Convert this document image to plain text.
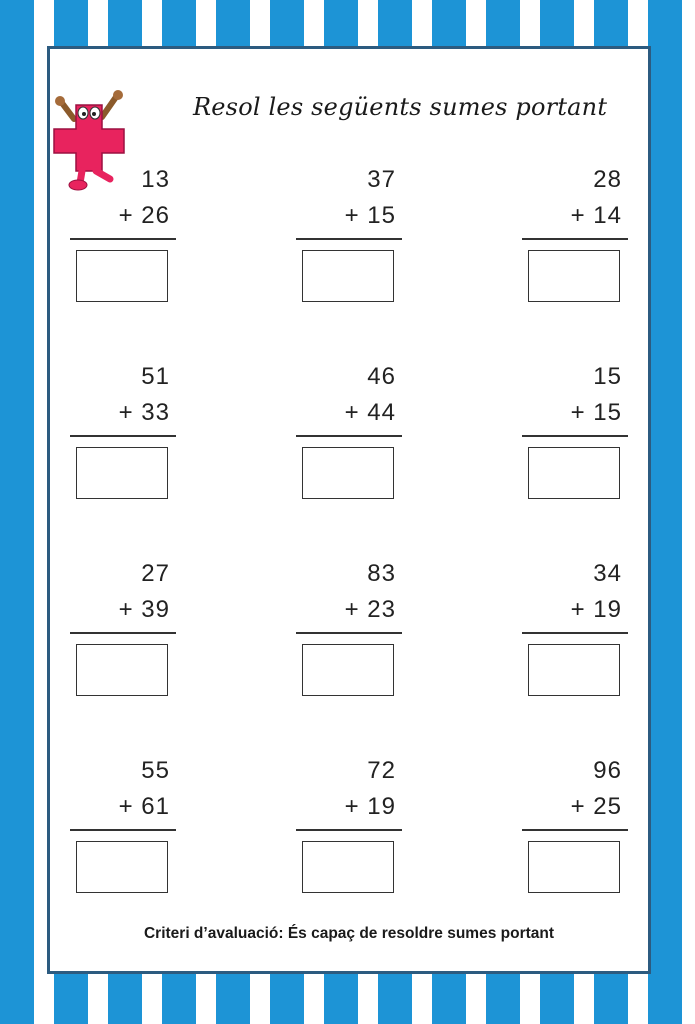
Resol les següents sumes portant
13
+ 26
37
+ 15
28
+ 14
51
+ 33
46
+ 44
15
+ 15
27
+ 39
83
+ 23
34
+ 19
55
+ 61
72
+ 19
96
+ 25
Criteri d’avaluació: És capaç de resoldre sumes portant
